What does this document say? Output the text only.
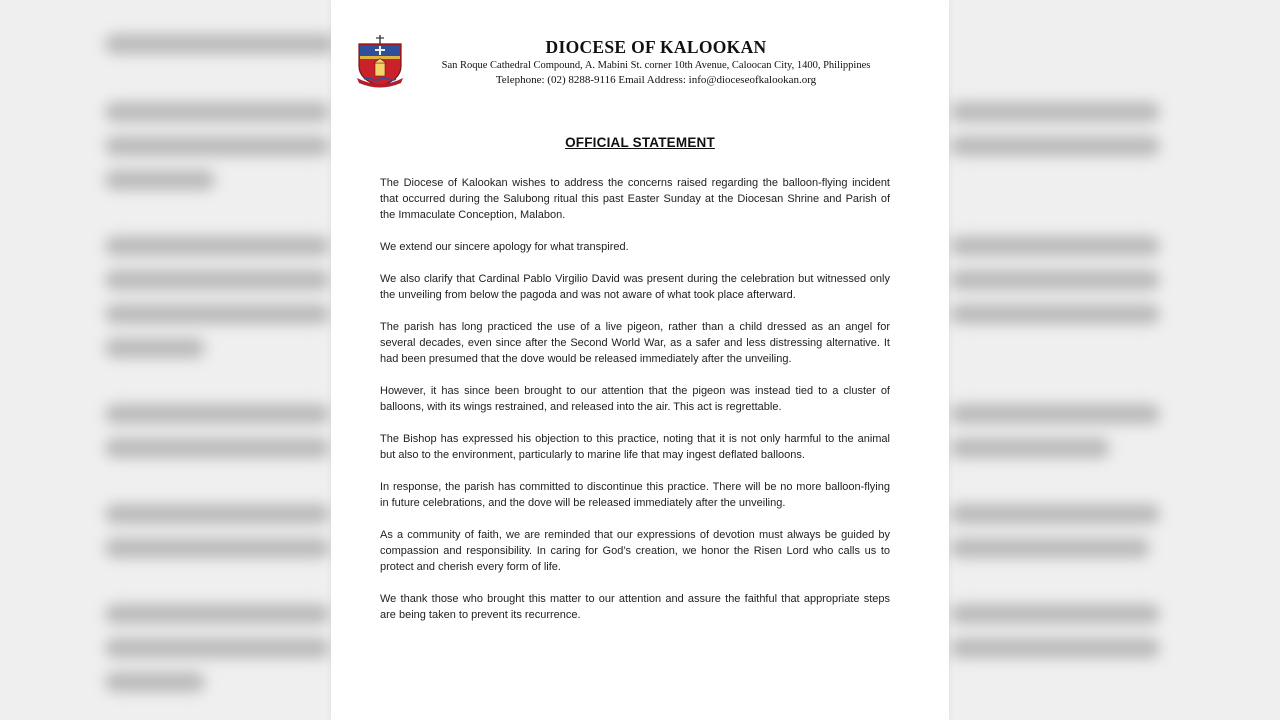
DIOCESE OF KALOOKAN
San Roque Cathedral Compound, A. Mabini St. corner 10th Avenue, Caloocan City, 1400, Philippines
Telephone: (02) 8288-9116 Email Address: info@dioceseofkalookan.org
OFFICIAL STATEMENT

The Diocese of Kalookan wishes to address the concerns raised regarding the balloon-flying incident that occurred during the Salubong ritual this past Easter Sunday at the Diocesan Shrine and Parish of the Immaculate Conception, Malabon.

We extend our sincere apology for what transpired.

We also clarify that Cardinal Pablo Virgilio David was present during the celebration but witnessed only the unveiling from below the pagoda and was not aware of what took place afterward.

The parish has long practiced the use of a live pigeon, rather than a child dressed as an angel for several decades, even since after the Second World War, as a safer and less distressing alternative. It had been presumed that the dove would be released immediately after the unveiling.

However, it has since been brought to our attention that the pigeon was instead tied to a cluster of balloons, with its wings restrained, and released into the air. This act is regrettable.

The Bishop has expressed his objection to this practice, noting that it is not only harmful to the animal but also to the environment, particularly to marine life that may ingest deflated balloons.

In response, the parish has committed to discontinue this practice. There will be no more balloon-flying in future celebrations, and the dove will be released immediately after the unveiling.

As a community of faith, we are reminded that our expressions of devotion must always be guided by compassion and responsibility. In caring for God’s creation, we honor the Risen Lord who calls us to protect and cherish every form of life.

We thank those who brought this matter to our attention and assure the faithful that appropriate steps are being taken to prevent its recurrence.
